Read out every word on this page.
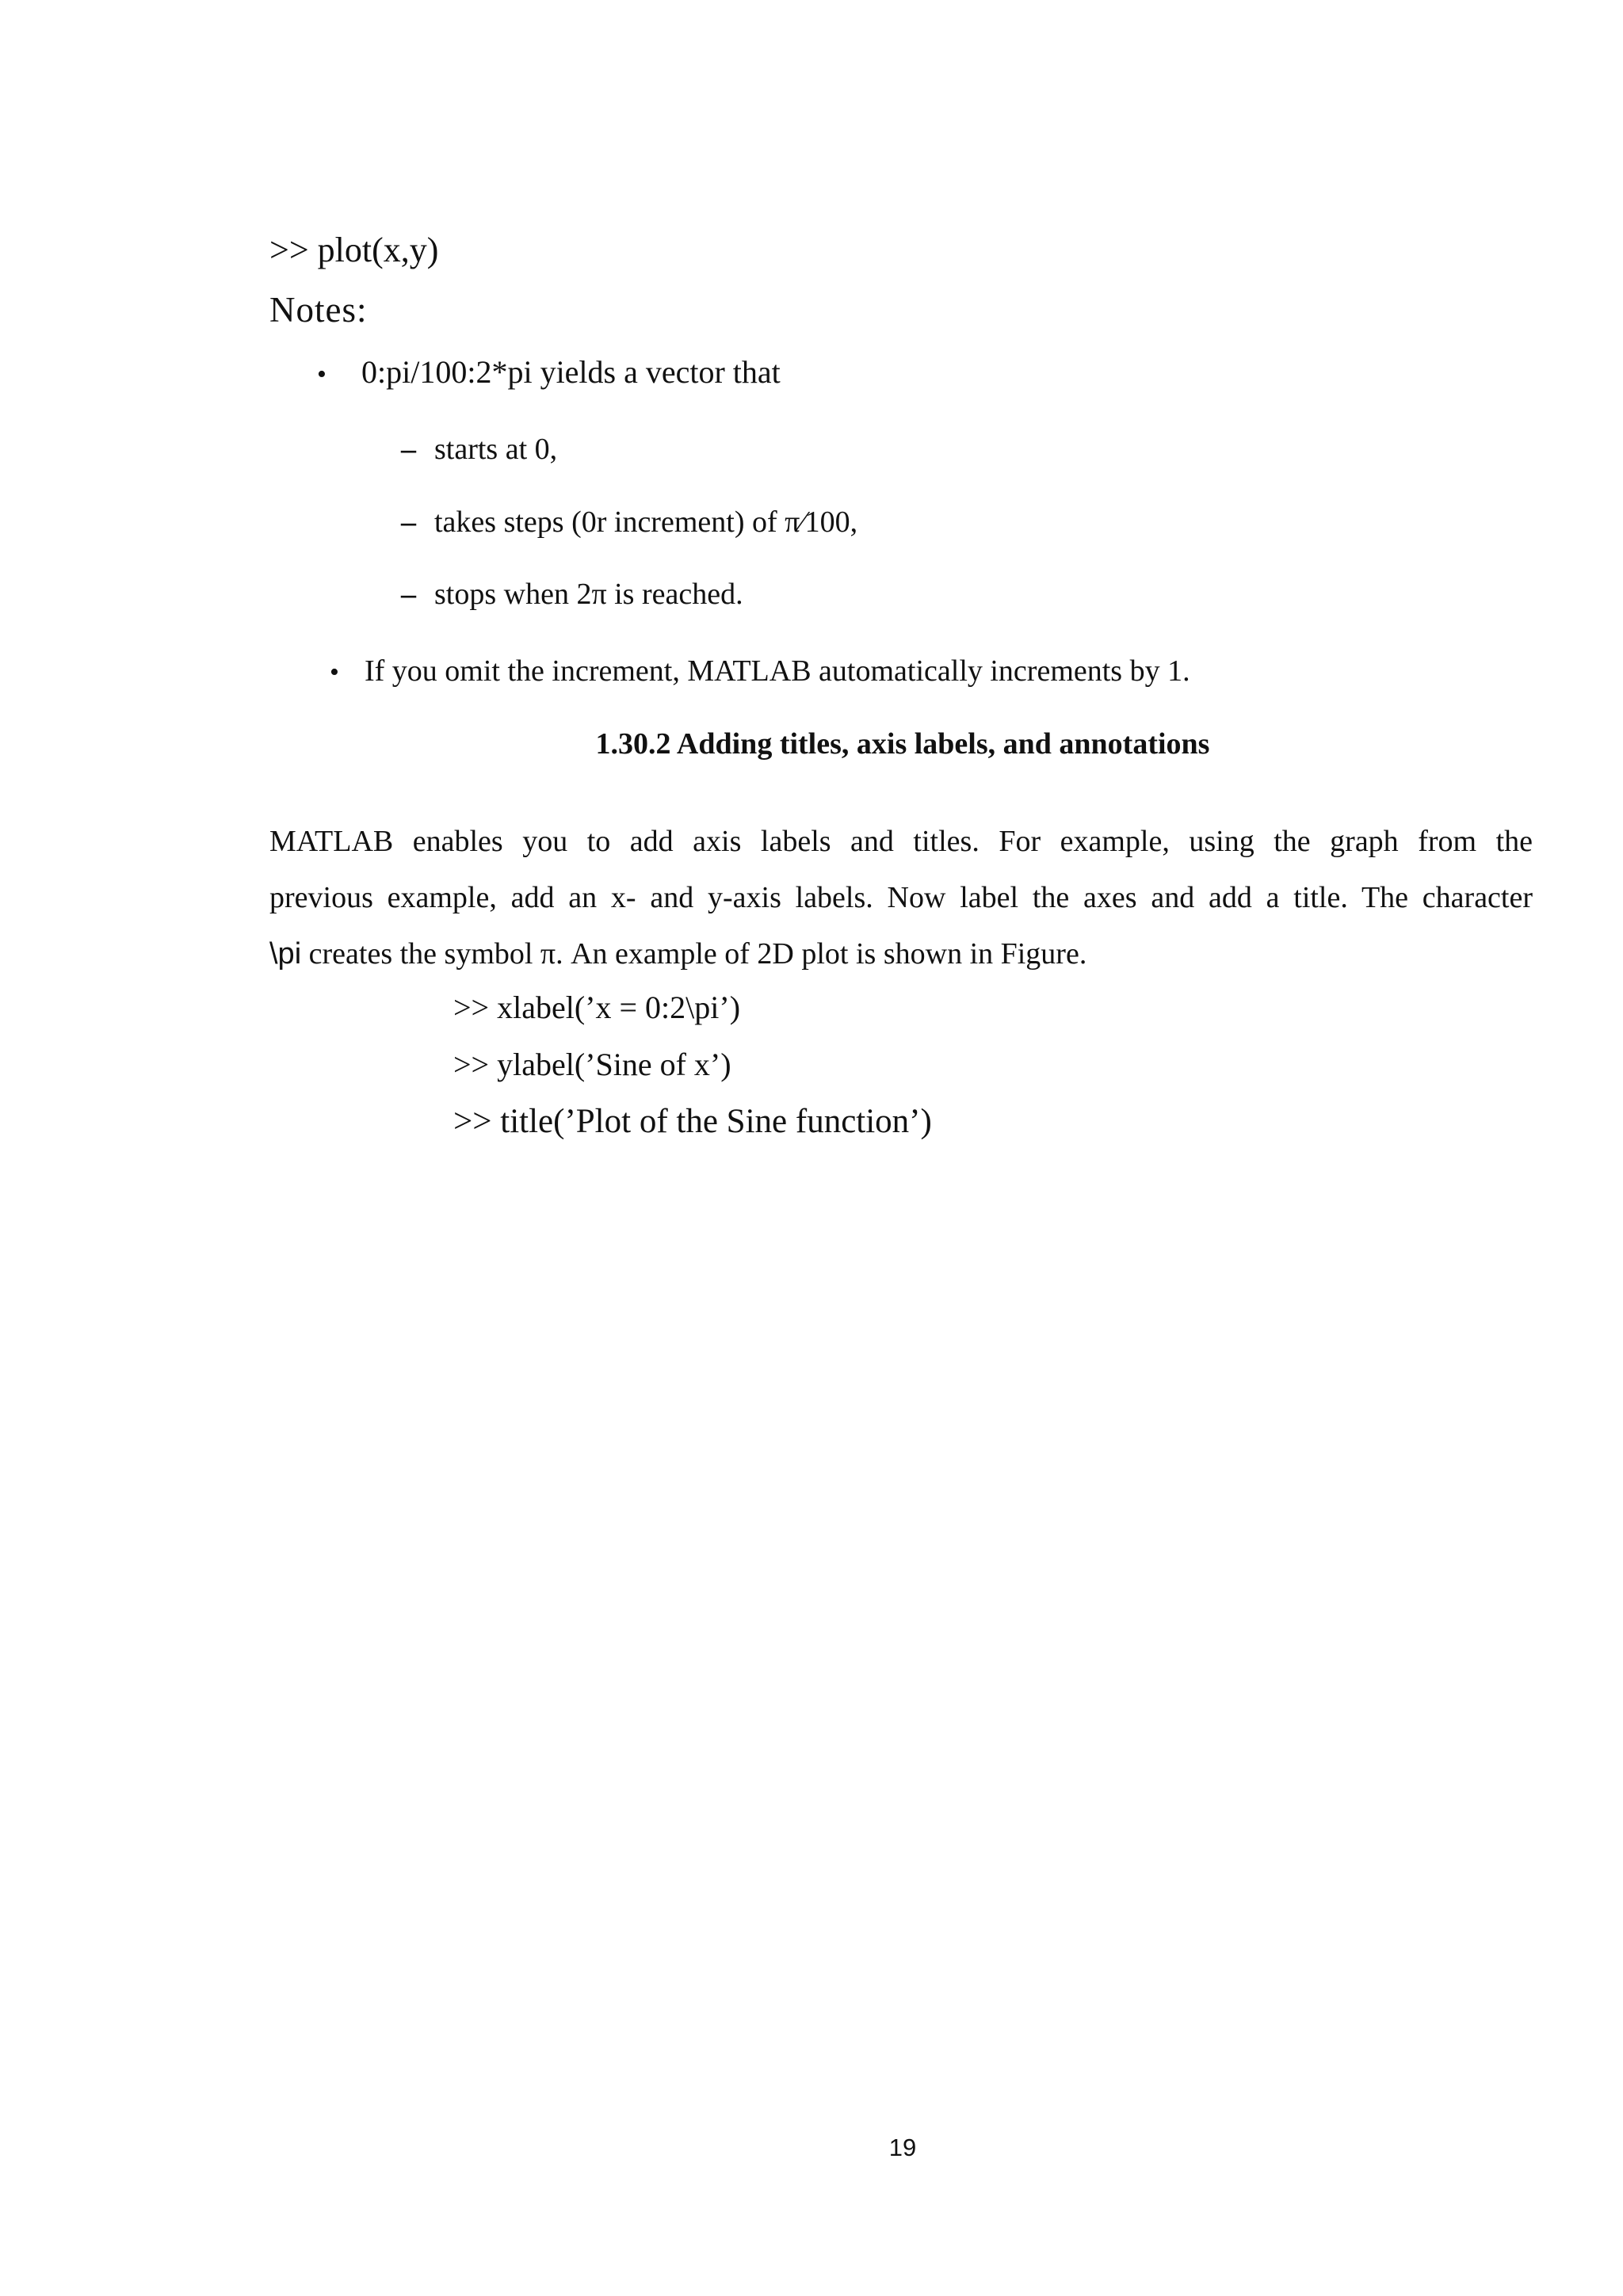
>> plot(x,y)
Notes:
• 0:pi/100:2*pi yields a vector that
– starts at 0,
– takes steps (0r increment) of π⁄100,
– stops when 2π is reached.
• If you omit the increment, MATLAB automatically increments by 1.
1.30.2 Adding titles, axis labels, and annotations
MATLAB enables you to add axis labels and titles. For example, using the graph from the
previous example, add an x- and y-axis labels. Now label the axes and add a title. The character
\pi creates the symbol π. An example of 2D plot is shown in Figure.
>> xlabel(’x = 0:2\pi’)
>> ylabel(’Sine of x’)
>> title(’Plot of the Sine function’)
19
